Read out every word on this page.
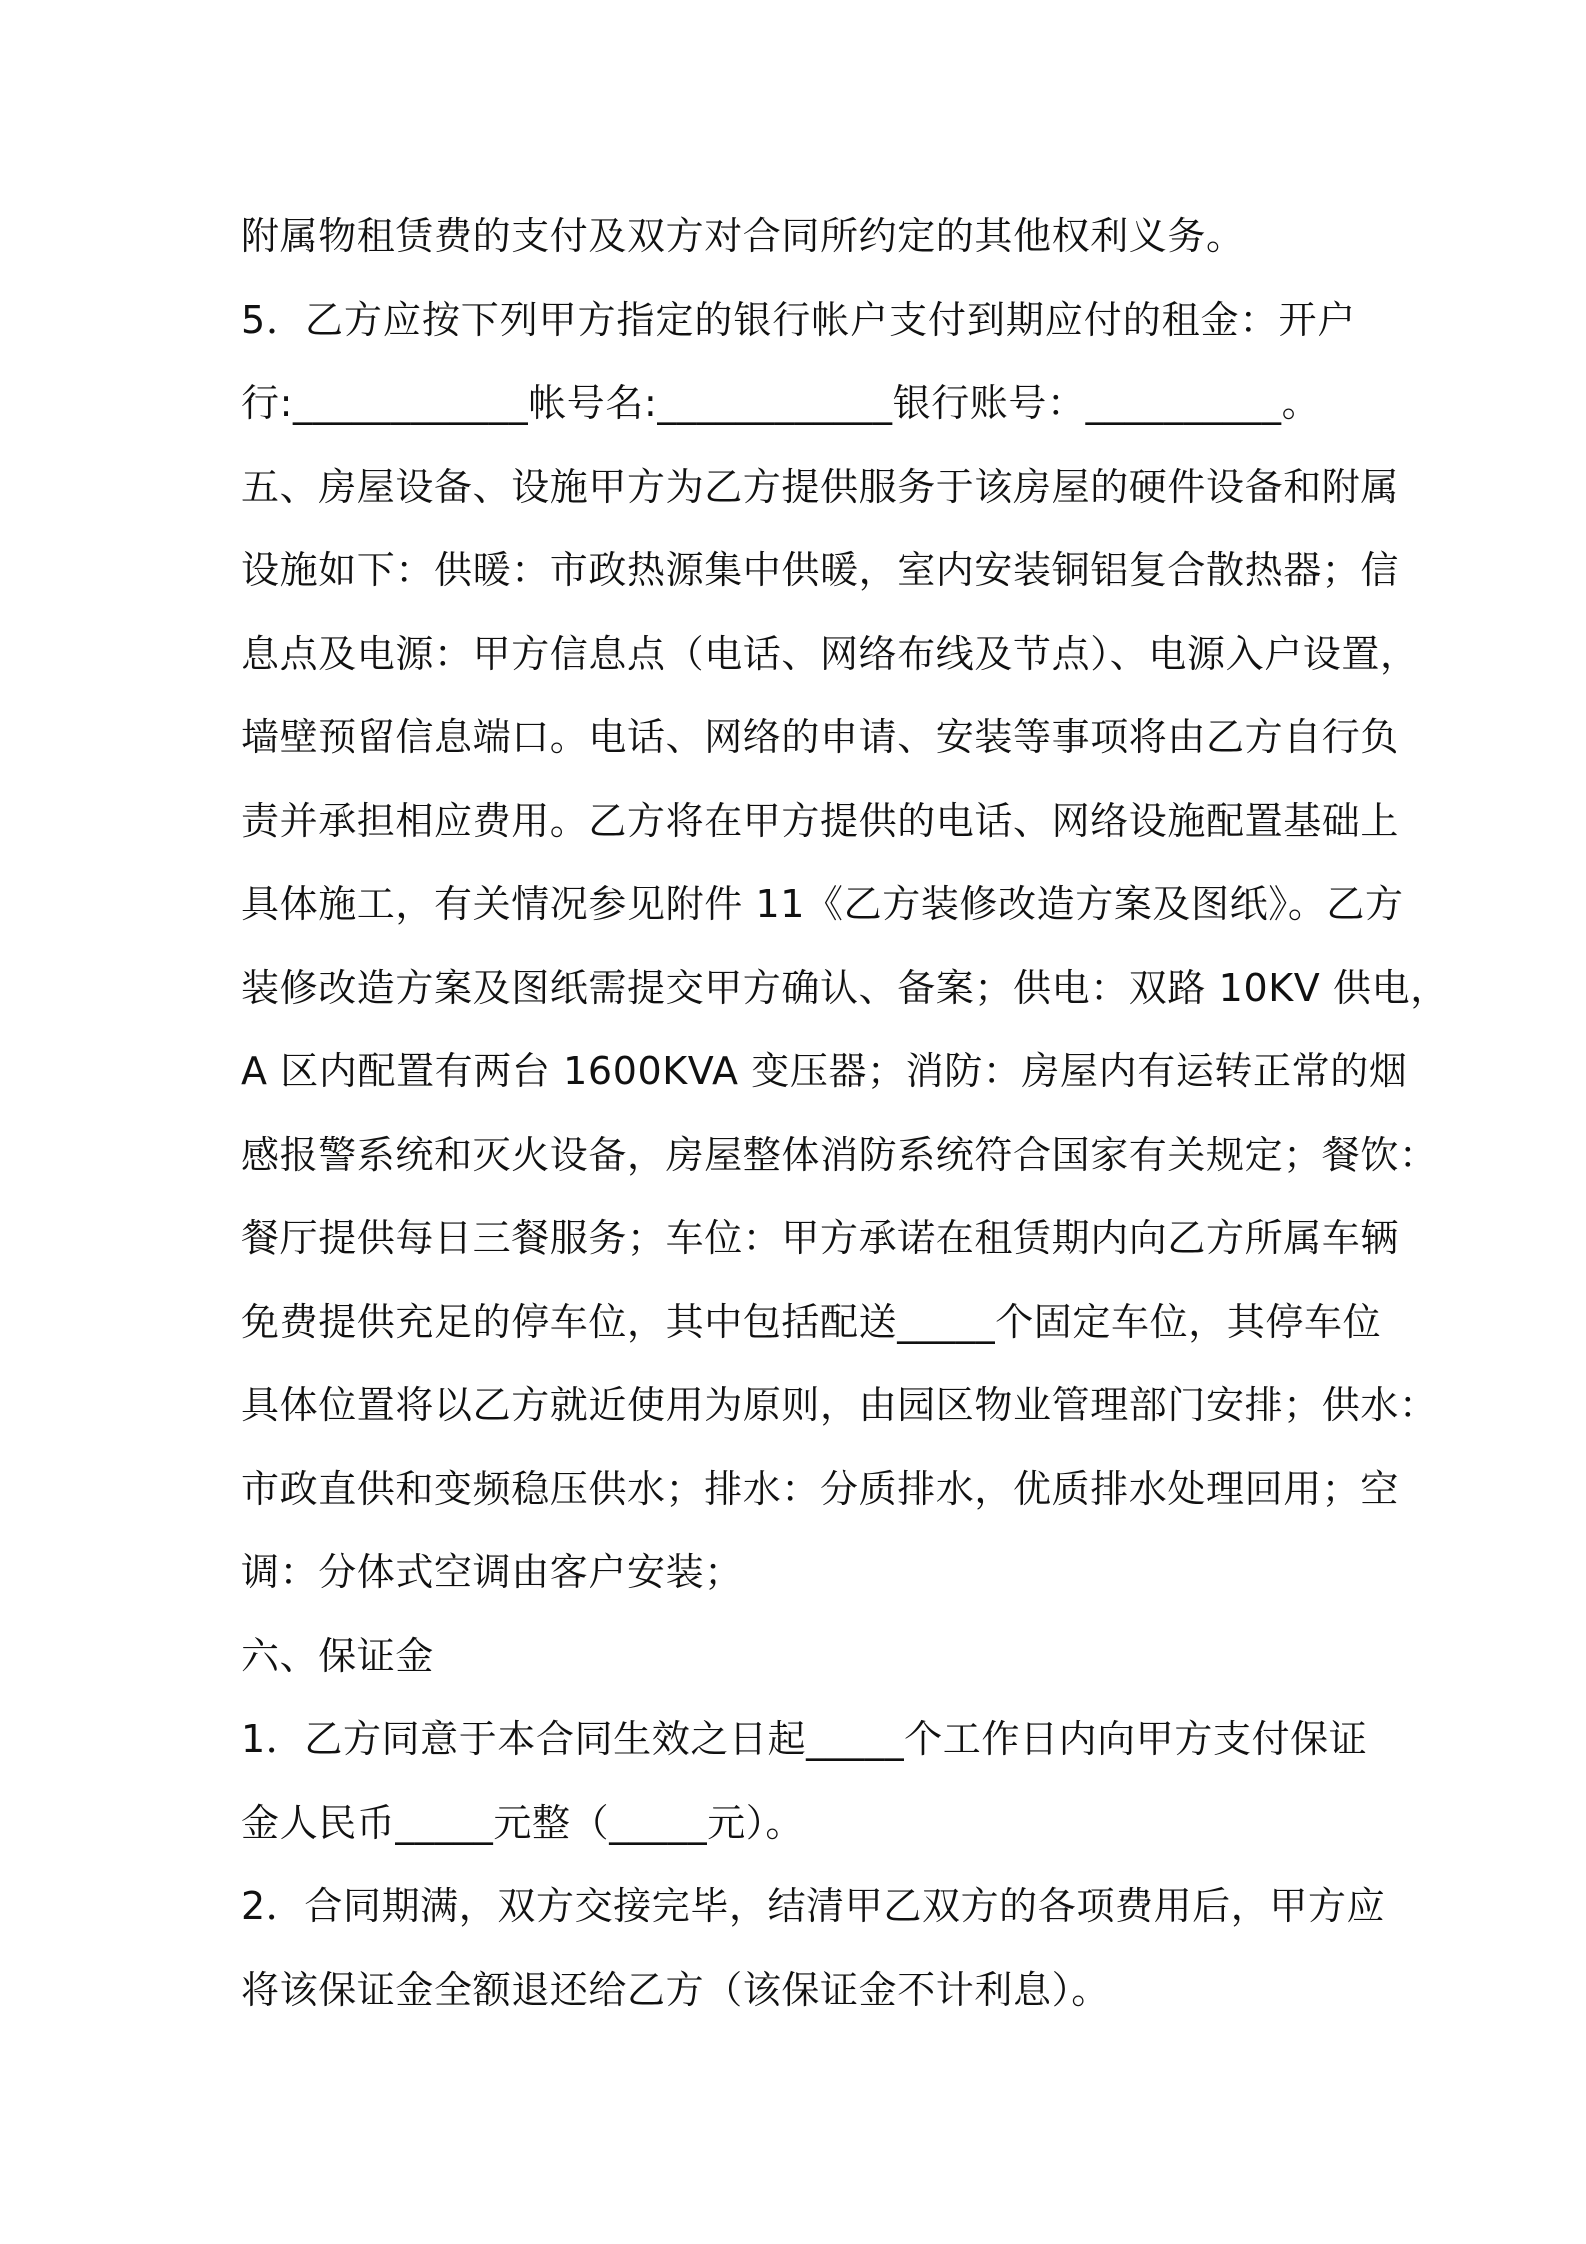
附属物租赁费的支付及双方对合同所约定的其他权利义务。
5．乙方应按下列甲方指定的银行帐户支付到期应付的租金：开户
行:____________帐号名:____________银行账号：__________。
五、房屋设备、设施甲方为乙方提供服务于该房屋的硬件设备和附属
设施如下：供暖：市政热源集中供暖，室内安装铜铝复合散热器；信
息点及电源：甲方信息点（电话、网络布线及节点）、电源入户设置，
墙壁预留信息端口。电话、网络的申请、安装等事项将由乙方自行负
责并承担相应费用。乙方将在甲方提供的电话、网络设施配置基础上
具体施工，有关情况参见附件 11《乙方装修改造方案及图纸》。乙方
装修改造方案及图纸需提交甲方确认、备案；供电：双路 10KV 供电，
A 区内配置有两台 1600KVA 变压器；消防：房屋内有运转正常的烟
感报警系统和灭火设备，房屋整体消防系统符合国家有关规定；餐饮：
餐厅提供每日三餐服务；车位：甲方承诺在租赁期内向乙方所属车辆
免费提供充足的停车位，其中包括配送_____个固定车位，其停车位
具体位置将以乙方就近使用为原则，由园区物业管理部门安排；供水：
市政直供和变频稳压供水；排水：分质排水，优质排水处理回用；空
调：分体式空调由客户安装；
六、保证金
1．乙方同意于本合同生效之日起_____个工作日内向甲方支付保证
金人民币_____元整（_____元）。
2．合同期满，双方交接完毕，结清甲乙双方的各项费用后，甲方应
将该保证金全额退还给乙方（该保证金不计利息）。
